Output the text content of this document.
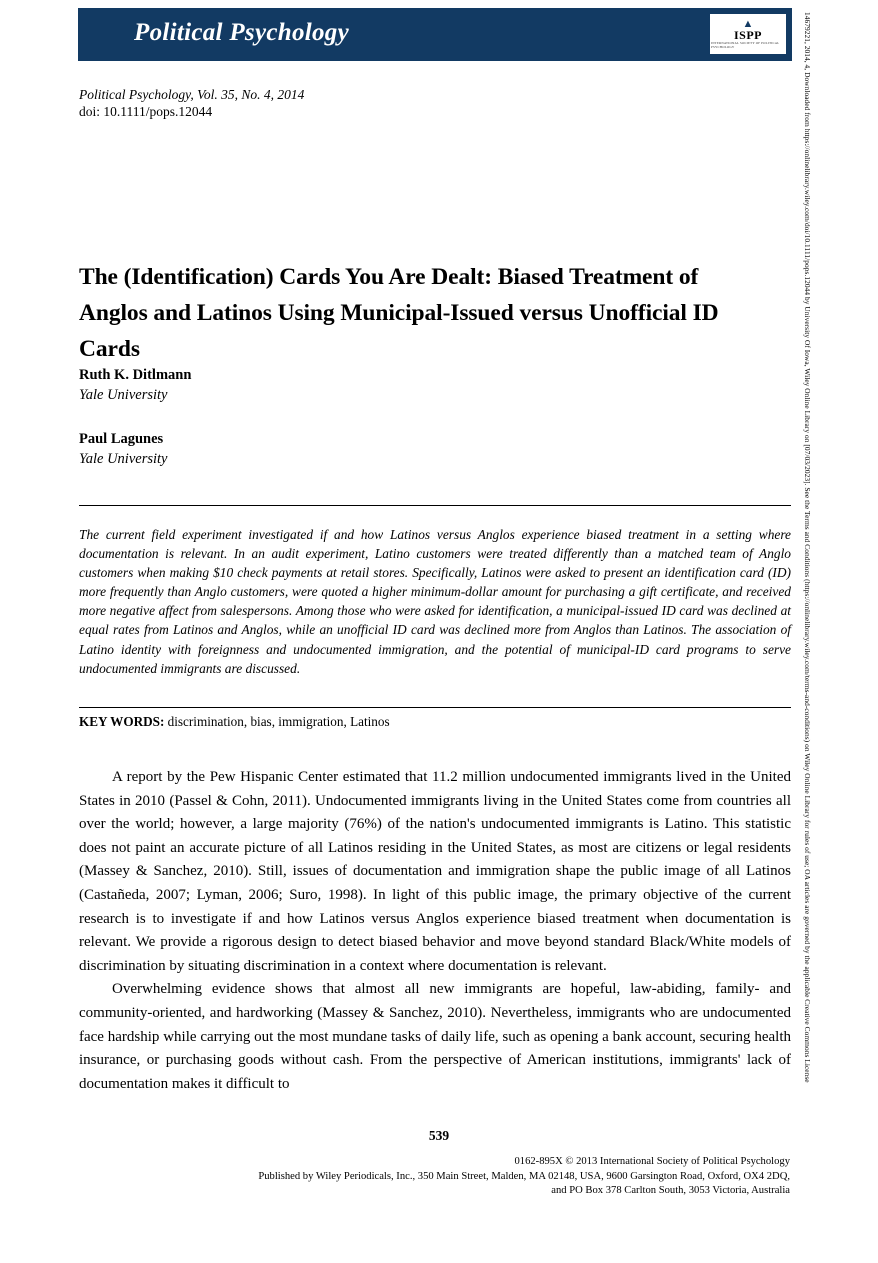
Political Psychology	▲
ISPP
INTERNATIONAL SOCIETY OF POLITICAL PSYCHOLOGY
Political Psychology, Vol. 35, No. 4, 2014
doi: 10.1111/pops.12044
The (Identification) Cards You Are Dealt: Biased Treatment of Anglos and Latinos Using Municipal-Issued versus Unofficial ID Cards
Ruth K. Ditlmann
Yale University
Paul Lagunes
Yale University
The current field experiment investigated if and how Latinos versus Anglos experience biased treatment in a setting where documentation is relevant. In an audit experiment, Latino customers were treated differently than a matched team of Anglo customers when making $10 check payments at retail stores. Specifically, Latinos were asked to present an identification card (ID) more frequently than Anglo customers, were quoted a higher minimum-dollar amount for purchasing a gift certificate, and received more negative affect from salespersons. Among those who were asked for identification, a municipal-issued ID card was declined at equal rates from Latinos and Anglos, while an unofficial ID card was declined more from Anglos than Latinos. The association of Latino identity with foreignness and undocumented immigration, and the potential of municipal-ID card programs to serve undocumented immigrants are discussed.
KEY WORDS: discrimination, bias, immigration, Latinos

A report by the Pew Hispanic Center estimated that 11.2 million undocumented immigrants lived in the United States in 2010 (Passel & Cohn, 2011). Undocumented immigrants living in the United States come from countries all over the world; however, a large majority (76%) of the nation's undocumented immigrants is Latino. This statistic does not paint an accurate picture of all Latinos residing in the United States, as most are citizens or legal residents (Massey & Sanchez, 2010). Still, issues of documentation and immigration shape the public image of all Latinos (Castañeda, 2007; Lyman, 2006; Suro, 1998). In light of this public image, the primary objective of the current research is to investigate if and how Latinos versus Anglos experience biased treatment when documentation is relevant. We provide a rigorous design to detect biased behavior and move beyond standard Black/White models of discrimination by situating discrimination in a context where documentation is relevant.

Overwhelming evidence shows that almost all new immigrants are hopeful, law-abiding, family- and community-oriented, and hardworking (Massey & Sanchez, 2010). Nevertheless, immigrants who are undocumented face hardship while carrying out the most mundane tasks of daily life, such as opening a bank account, securing health insurance, or purchasing goods without cash. From the perspective of American institutions, immigrants' lack of documentation makes it difficult to

539
0162-895X © 2013 International Society of Political Psychology
Published by Wiley Periodicals, Inc., 350 Main Street, Malden, MA 02148, USA, 9600 Garsington Road, Oxford, OX4 2DQ,
and PO Box 378 Carlton South, 3053 Victoria, Australia
14679221, 2014, 4, Downloaded from https://onlinelibrary.wiley.com/doi/10.1111/pops.12044 by University Of Iowa, Wiley Online Library on [07/03/2023]. See the Terms and Conditions (https://onlinelibrary.wiley.com/terms-and-conditions) on Wiley Online Library for rules of use; OA articles are governed by the applicable Creative Commons License
